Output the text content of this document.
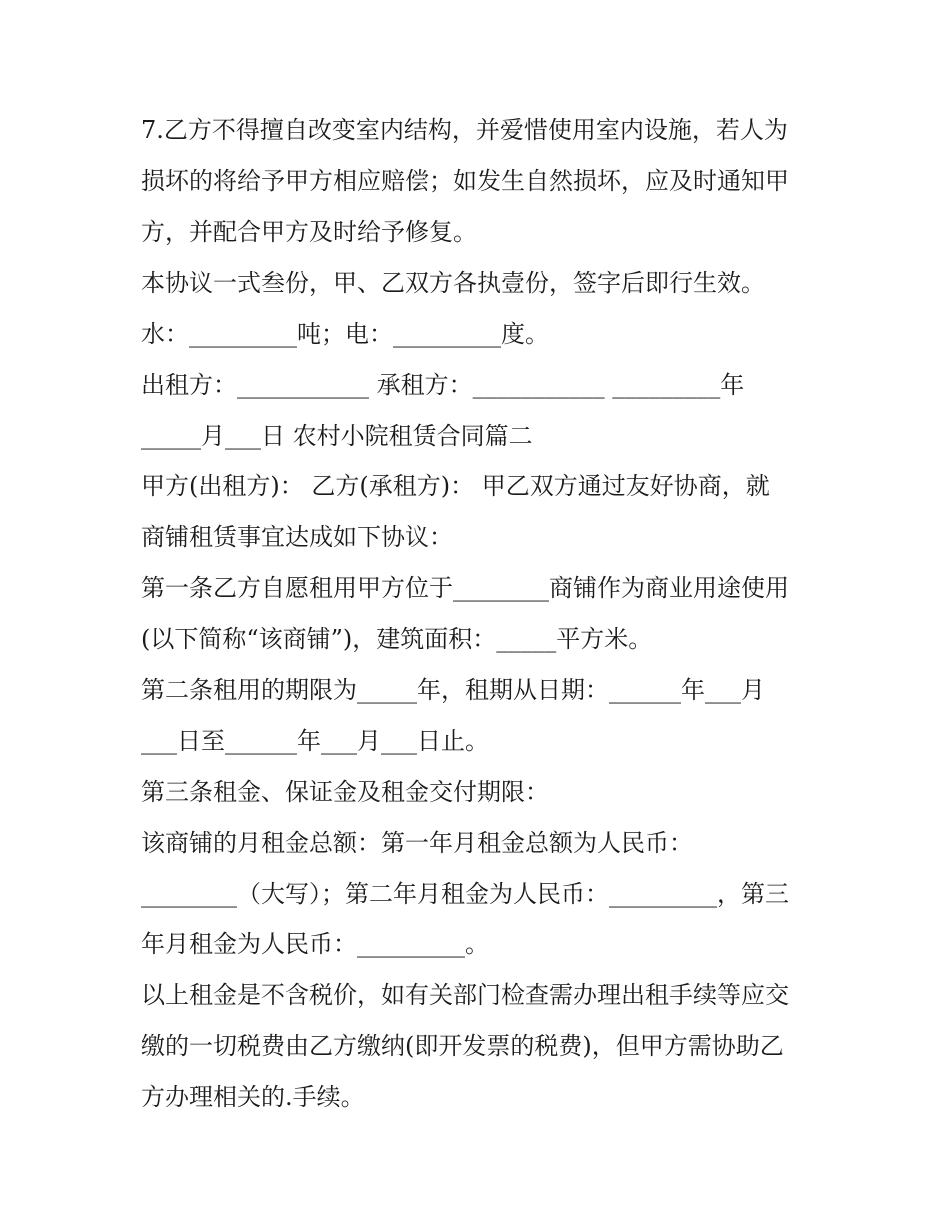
7.乙方不得擅自改变室内结构，并爱惜使用室内设施，若人为
损坏的将给予甲方相应赔偿；如发生自然损坏，应及时通知甲
方，并配合甲方及时给予修复。
本协议一式叁份，甲、乙双方各执壹份，签字后即行生效。
水：_________吨；电：_________度。
出租方：___________ 承租方：___________ _________年
_____月___日 农村小院租赁合同篇二
甲方(出租方)： 乙方(承租方)： 甲乙双方通过友好协商，就
商铺租赁事宜达成如下协议：
第一条乙方自愿租用甲方位于________商铺作为商业用途使用
(以下简称“该商铺”)，建筑面积：_____平方米。
第二条租用的期限为_____年，租期从日期：______年___月
___日至______年___月___日止。
第三条租金、保证金及租金交付期限：
该商铺的月租金总额：第一年月租金总额为人民币：
________（大写）；第二年月租金为人民币：_________，第三
年月租金为人民币：_________。
以上租金是不含税价，如有关部门检查需办理出租手续等应交
缴的一切税费由乙方缴纳(即开发票的税费)，但甲方需协助乙
方办理相关的.手续。
